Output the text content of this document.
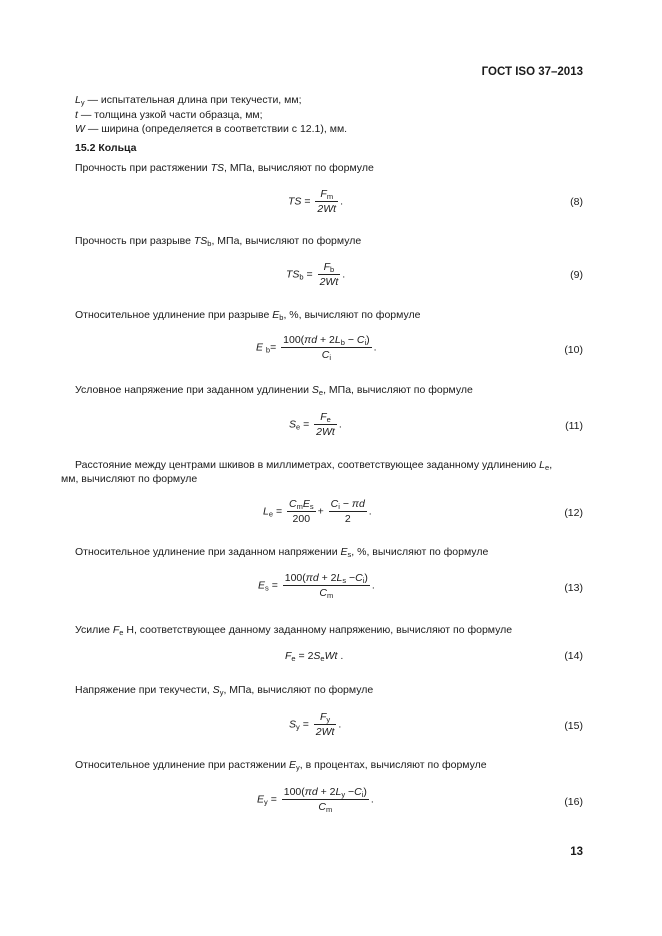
ГОСТ ISO 37–2013
$L_y$ — испытательная длина при текучести, мм;
t — толщина узкой части образца, мм;
W — ширина (определяется в соответствии с 12.1), мм.
15.2 Кольца
Прочность при растяжении TS, МПа, вычисляют по формуле
TS = $\frac{F_m}{2Wt}$ .	(8)
Прочность при разрыве $TS_b$, МПа, вычисляют по формуле
$TS_b = \frac{F_b}{2Wt}$ .	(9)
Относительное удлинение при разрыве $E_b$, %, вычисляют по формуле
E $_b= \frac{100(\pi d + 2L_b - C_i)}{C_i}$ .	(10)
Условное напряжение при заданном удлинении $S_e$, МПа, вычисляют по формуле
$S_e = \frac{F_e}{2Wt}$ .	(11)
Расстояние между центрами шкивов в миллиметрах, соответствующее заданному удлинению $L_e$,
мм, вычисляют по формуле
$L_e = \frac{C_mE_s}{200} + \frac{C_i - \pi d}{2}$ .	(12)
Относительное удлинение при заданном напряжении $E_s$, %, вычисляют по формуле
$E_s = \frac{100(\pi d + 2L_s -C_i)}{C_m}$ .	(13)
Усилие $F_e$ Н, соответствующее данному заданному напряжению, вычисляют по формуле
$F_e = 2S_eWt$ .	(14)
Напряжение при текучести, $S_y$, МПа, вычисляют по формуле
$S_y = \frac{F_y}{2Wt}$ .	(15)
Относительное удлинение при растяжении $E_y$, в процентах, вычисляют по формуле
$E_y = \frac{100(\pi d + 2L_y -C_i)}{C_m}$ .	(16)
13
